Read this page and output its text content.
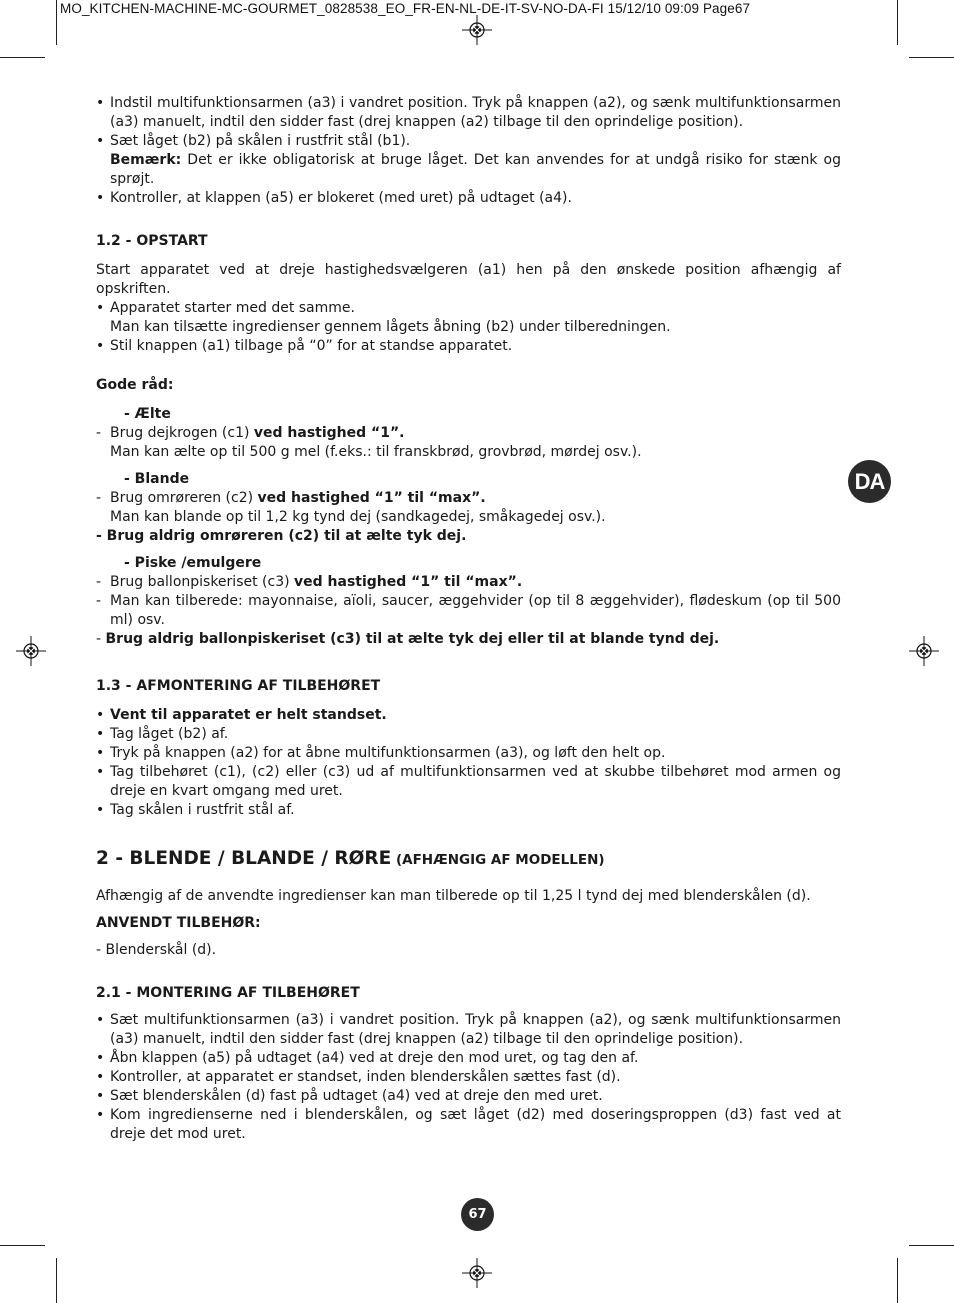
MO_KITCHEN-MACHINE-MC-GOURMET_0828538_EO_FR-EN-NL-DE-IT-SV-NO-DA-FI 15/12/10 09:09 Page67
DA

• Indstil multifunktionsarmen (a3) i vandret position. Tryk på knappen (a2), og sænk multifunktionsarmen (a3) manuelt, indtil den sidder fast (drej knappen (a2) tilbage til den oprindelige position).

• Sæt låget (b2) på skålen i rustfrit stål (b1).

Bemærk: Det er ikke obligatorisk at bruge låget. Det kan anvendes for at undgå risiko for stænk og sprøjt.

• Kontroller, at klappen (a5) er blokeret (med uret) på udtaget (a4).

1.2 - OPSTART

Start apparatet ved at dreje hastighedsvælgeren (a1) hen på den ønskede position afhængig af opskriften.

• Apparatet starter med det samme.

Man kan tilsætte ingredienser gennem lågets åbning (b2) under tilberedningen.

• Stil knappen (a1) tilbage på “0” for at standse apparatet.

Gode råd:

- Ælte

- Brug dejkrogen (c1) ved hastighed “1”.

Man kan ælte op til 500 g mel (f.eks.: til franskbrød, grovbrød, mørdej osv.).

- Blande

- Brug omrøreren (c2) ved hastighed “1” til “max”.

Man kan blande op til 1,2 kg tynd dej (sandkagedej, småkagedej osv.).

- Brug aldrig omrøreren (c2) til at ælte tyk dej.

- Piske /emulgere

- Brug ballonpiskeriset (c3) ved hastighed “1” til “max”.

- Man kan tilberede: mayonnaise, aïoli, saucer, æggehvider (op til 8 æggehvider), flødeskum (op til 500 ml) osv.

- Brug aldrig ballonpiskeriset (c3) til at ælte tyk dej eller til at blande tynd dej.

1.3 - AFMONTERING AF TILBEHØRET

• Vent til apparatet er helt standset.

• Tag låget (b2) af.

• Tryk på knappen (a2) for at åbne multifunktionsarmen (a3), og løft den helt op.

• Tag tilbehøret (c1), (c2) eller (c3) ud af multifunktionsarmen ved at skubbe tilbehøret mod armen og dreje en kvart omgang med uret.

• Tag skålen i rustfrit stål af.

2 - BLENDE / BLANDE / RØRE (AFHÆNGIG AF MODELLEN)

Afhængig af de anvendte ingredienser kan man tilberede op til 1,25 l tynd dej med blenderskålen (d).

ANVENDT TILBEHØR:

- Blenderskål (d).

2.1 - MONTERING AF TILBEHØRET

• Sæt multifunktionsarmen (a3) i vandret position. Tryk på knappen (a2), og sænk multifunktionsarmen (a3) manuelt, indtil den sidder fast (drej knappen (a2) tilbage til den oprindelige position).

• Åbn klappen (a5) på udtaget (a4) ved at dreje den mod uret, og tag den af.

• Kontroller, at apparatet er standset, inden blenderskålen sættes fast (d).

• Sæt blenderskålen (d) fast på udtaget (a4) ved at dreje den med uret.

• Kom ingredienserne ned i blenderskålen, og sæt låget (d2) med doseringsproppen (d3) fast ved at dreje det mod uret.

67
